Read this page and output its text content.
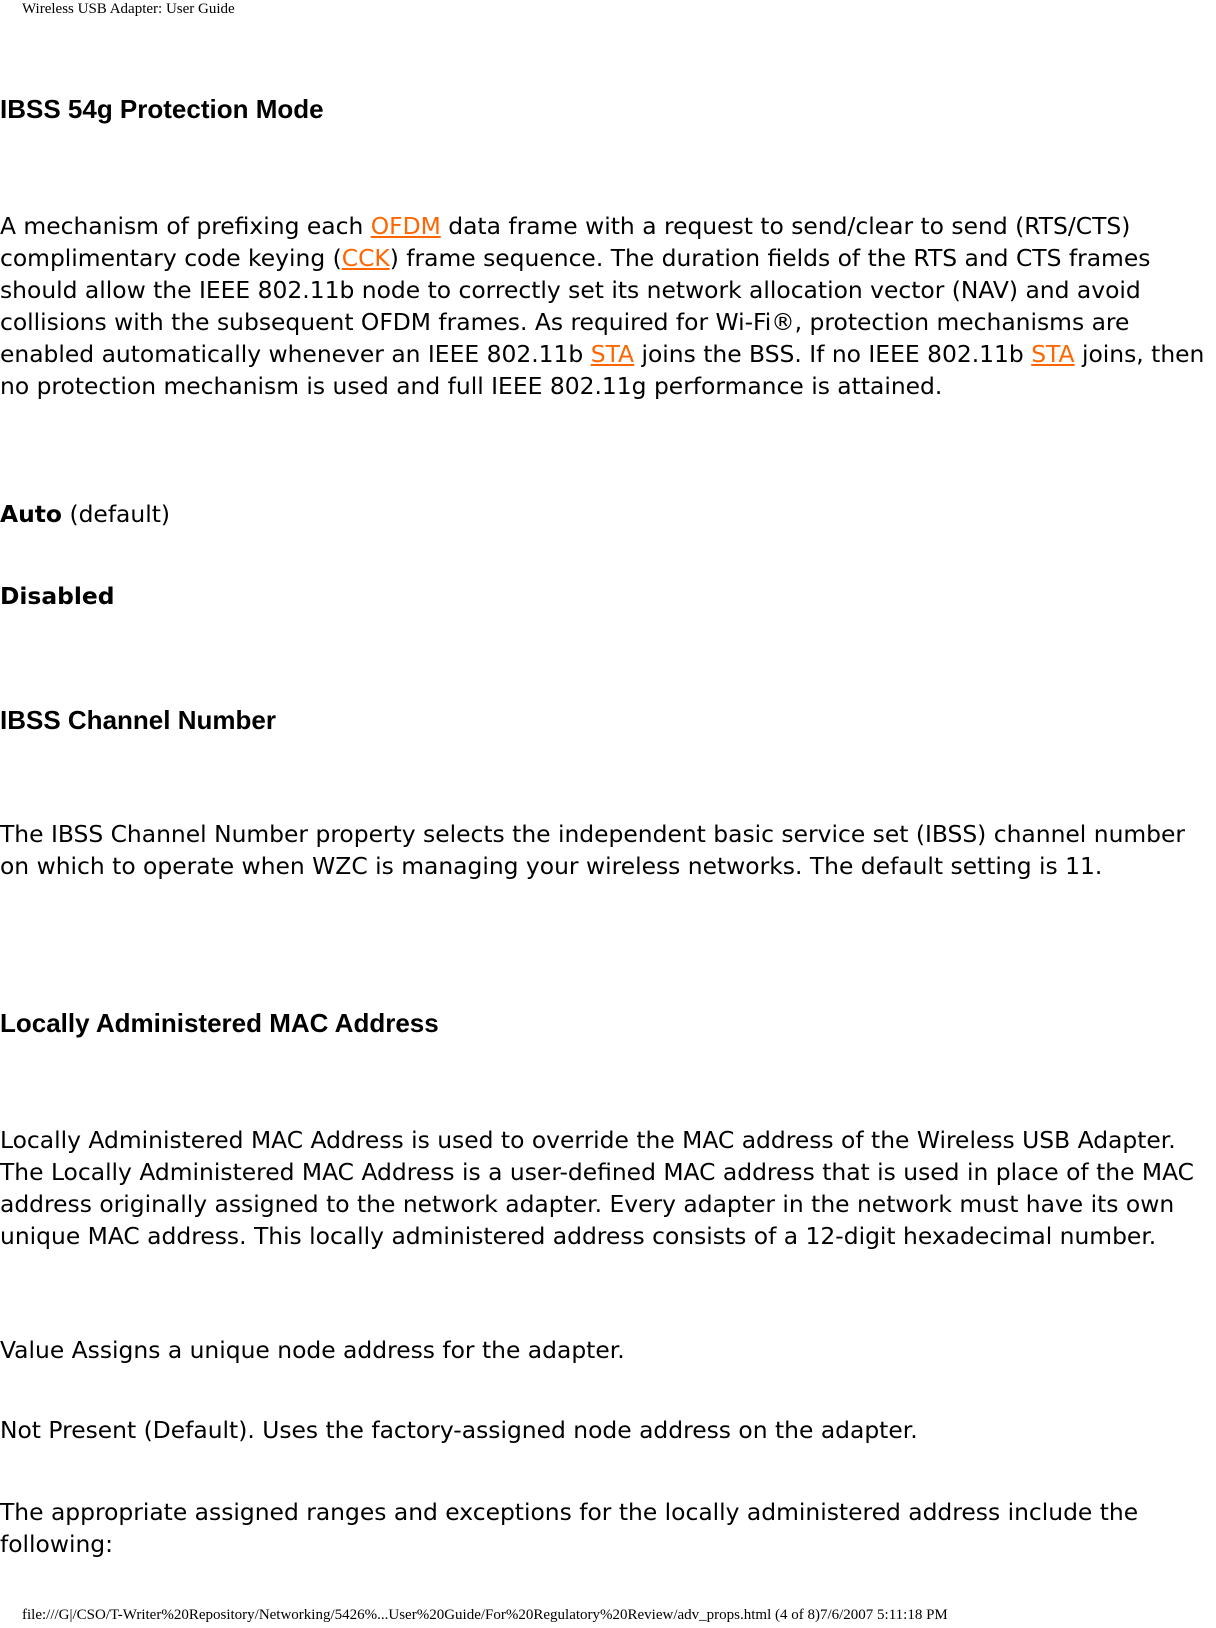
Wireless USB Adapter: User Guide
IBSS 54g Protection Mode

A mechanism of prefixing each OFDM data frame with a request to send/clear to send (RTS/CTS) complimentary code keying (CCK) frame sequence. The duration fields of the RTS and CTS frames should allow the IEEE 802.11b node to correctly set its network allocation vector (NAV) and avoid collisions with the subsequent OFDM frames. As required for Wi-Fi®, protection mechanisms are enabled automatically whenever an IEEE 802.11b STA joins the BSS. If no IEEE 802.11b STA joins, then no protection mechanism is used and full IEEE 802.11g performance is attained.

Auto (default)

Disabled

IBSS Channel Number

The IBSS Channel Number property selects the independent basic service set (IBSS) channel number on which to operate when WZC is managing your wireless networks. The default setting is 11.

Locally Administered MAC Address

Locally Administered MAC Address is used to override the MAC address of the Wireless USB Adapter. The Locally Administered MAC Address is a user-defined MAC address that is used in place of the MAC address originally assigned to the network adapter. Every adapter in the network must have its own unique MAC address. This locally administered address consists of a 12-digit hexadecimal number.

Value Assigns a unique node address for the adapter.

Not Present (Default). Uses the factory-assigned node address on the adapter.

The appropriate assigned ranges and exceptions for the locally administered address include the following:

file:///G|/CSO/T-Writer%20Repository/Networking/5426%...User%20Guide/For%20Regulatory%20Review/adv_props.html (4 of 8)7/6/2007 5:11:18 PM
